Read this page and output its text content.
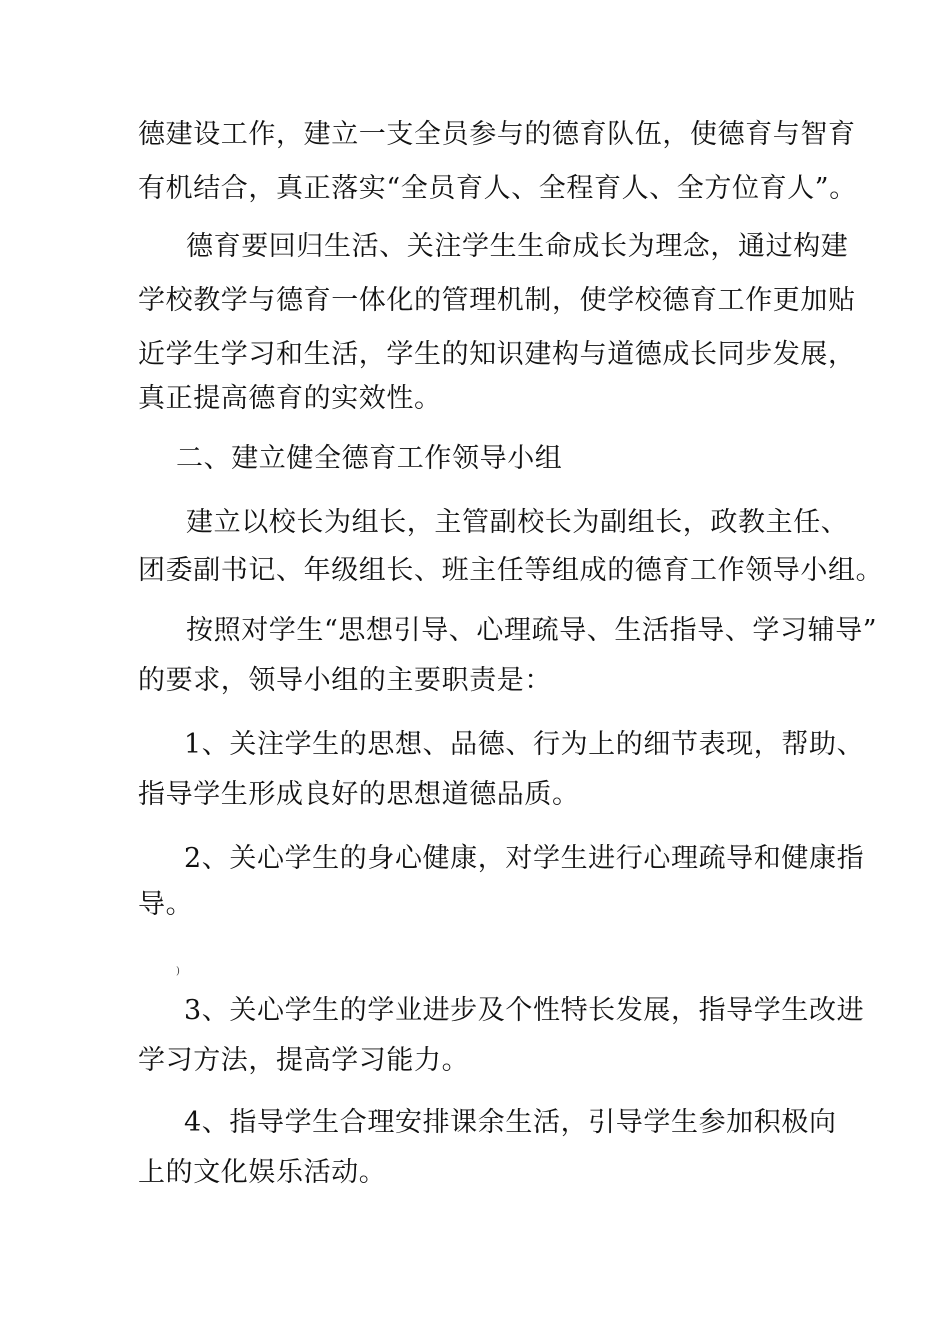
德建设工作，建立一支全员参与的德育队伍，使德育与智育
有机结合，真正落实“全员育人、全程育人、全方位育人”。
德育要回归生活、关注学生生命成长为理念，通过构建
学校教学与德育一体化的管理机制，使学校德育工作更加贴
近学生学习和生活，学生的知识建构与道德成长同步发展，
真正提高德育的实效性。
二、建立健全德育工作领导小组
建立以校长为组长，主管副校长为副组长，政教主任、
团委副书记、年级组长、班主任等组成的德育工作领导小组。
按照对学生“思想引导、心理疏导、生活指导、学习辅导”
的要求，领导小组的主要职责是：
1、关注学生的思想、品德、行为上的细节表现，帮助、
指导学生形成良好的思想道德品质。
2、关心学生的身心健康，对学生进行心理疏导和健康指
导。
)
3、关心学生的学业进步及个性特长发展，指导学生改进
学习方法，提高学习能力。
4、指导学生合理安排课余生活，引导学生参加积极向
上的文化娱乐活动。
